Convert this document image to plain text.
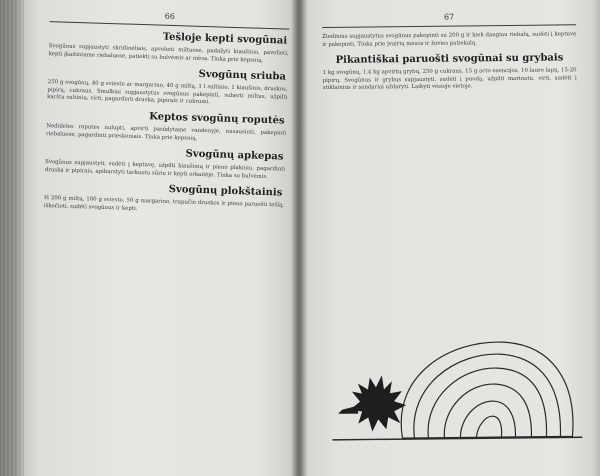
66
Tešloje kepti svogūnai
Svogūnus supjaustyti skridinėliais, apvolioti miltuose, padažyti kiaušinio, pavolioti, kepti įkaitintame riebaluose, patiekti su bulvėmis ar mėsa. Tinka prie kepsnių.
Svogūnų sriuba
250 g svogūnų, 40 g sviesto ar margarino, 40 g miltų, 1 l sultinio, 1 kiaušinis, druskos, pipirų, cukraus. Smulkiai supjaustytus svogūnus pakepinti, suberti miltus, užpilti karštu sultiniu, virti, pagardinti druska, pipirais ir cukrumi.
Keptos svogūnų roputės
Nedideles roputes nulupti, apvirti pasūdytame vandenyje, nusausinti, pakepinti riebaluose, pagardinti prieskoniais. Tinka prie kepsnių.
Svogūnų apkepas
Svogūnus supjaustyti, sudėti į keptuvę, užpilti kiaušinių ir pieno plakiniu, pagardinti druska ir pipirais, apibarstyti tarkuotu sūriu ir kepti orkaitėje. Tinka su bulvėmis.
Svogūnų plokštainis
Iš 200 g miltų, 100 g sviesto, 50 g margarino, trupučio druskos ir pieno paruošti tešlą, iškočioti, sudėti svogūnus ir kepti.
67
Žiedinius supjaustytus svogūnus pakepinti su 200 g ir kiek daugiau riebalų, sudėti į keptuvę ir pakepinti. Tinka prie įvairių mėsos ir žuvies patiekalų.
Pikantiškai paruošti svogūnai su grybais
1 kg svogūnų, 1,4 kg apvirtų grybų, 250 g cukraus, 15 g acto esencijos, 10 lauro lapų, 15-20 pipirų. Svogūnus ir grybus supjaustyti, sudėti į puodą, užpilti marinatu, virti, sudėti į stiklainius ir sandariai uždaryti. Laikyti vėsioje vietoje.
